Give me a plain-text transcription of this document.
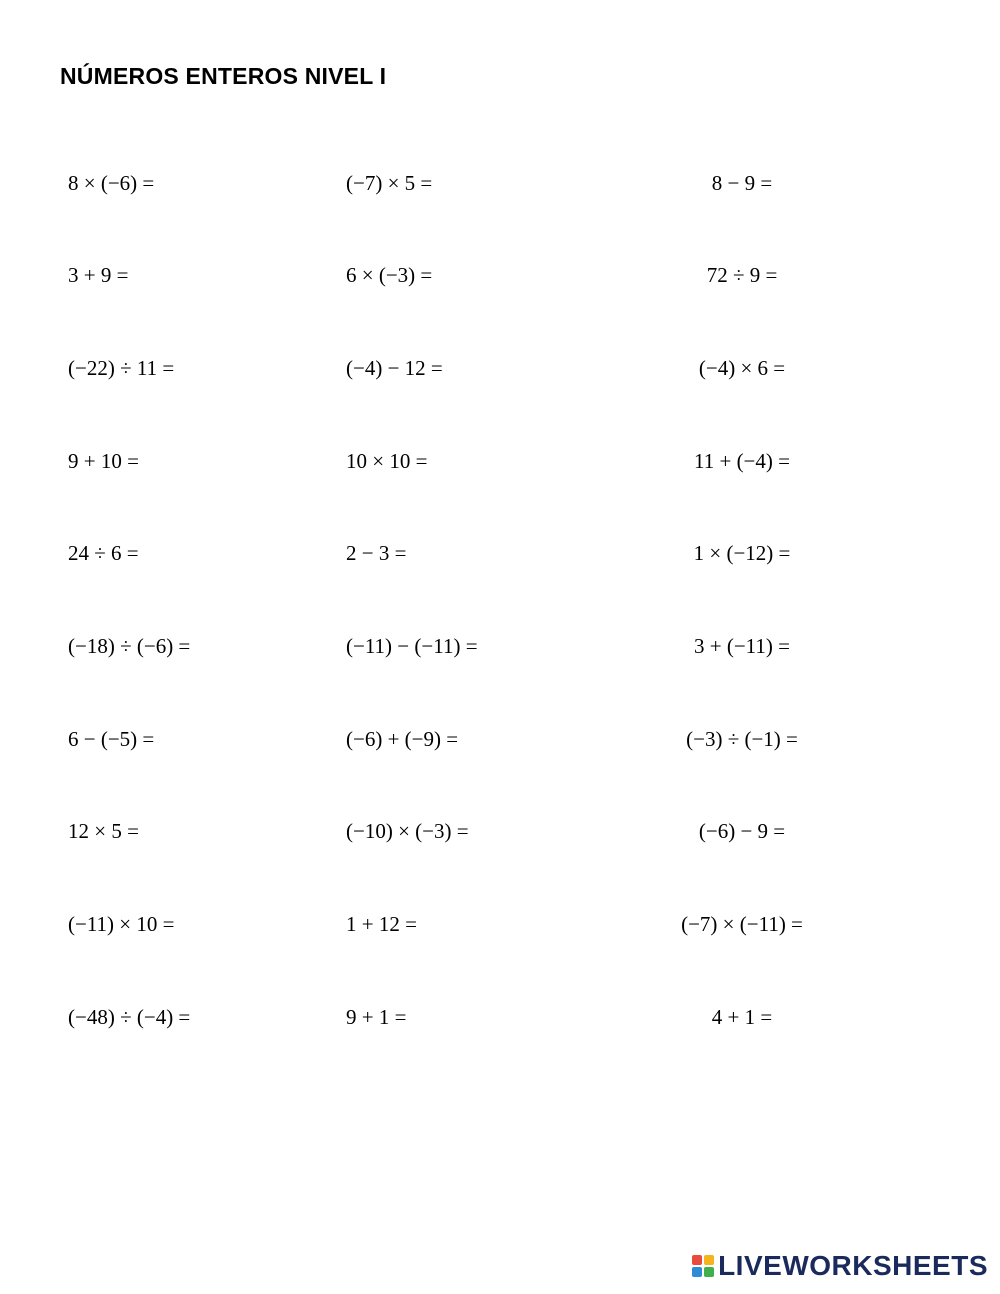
NÚMEROS ENTEROS NIVEL I
8 × (−6) =	(−7) × 5 =	8 − 9 =
3 + 9 =	6 × (−3) =	72 ÷ 9 =
(−22) ÷ 11 =	(−4) − 12 =	(−4) × 6 =
9 + 10 =	10 × 10 =	11 + (−4) =
24 ÷ 6 =	2 − 3 =	1 × (−12) =
(−18) ÷ (−6) =	(−11) − (−11) =	3 + (−11) =
6 − (−5) =	(−6) + (−9) =	(−3) ÷ (−1) =
12 × 5 =	(−10) × (−3) =	(−6) − 9 =
(−11) × 10 =	1 + 12 =	(−7) × (−11) =
(−48) ÷ (−4) =	9 + 1 =	4 + 1 =
LIVEWORKSHEETS
